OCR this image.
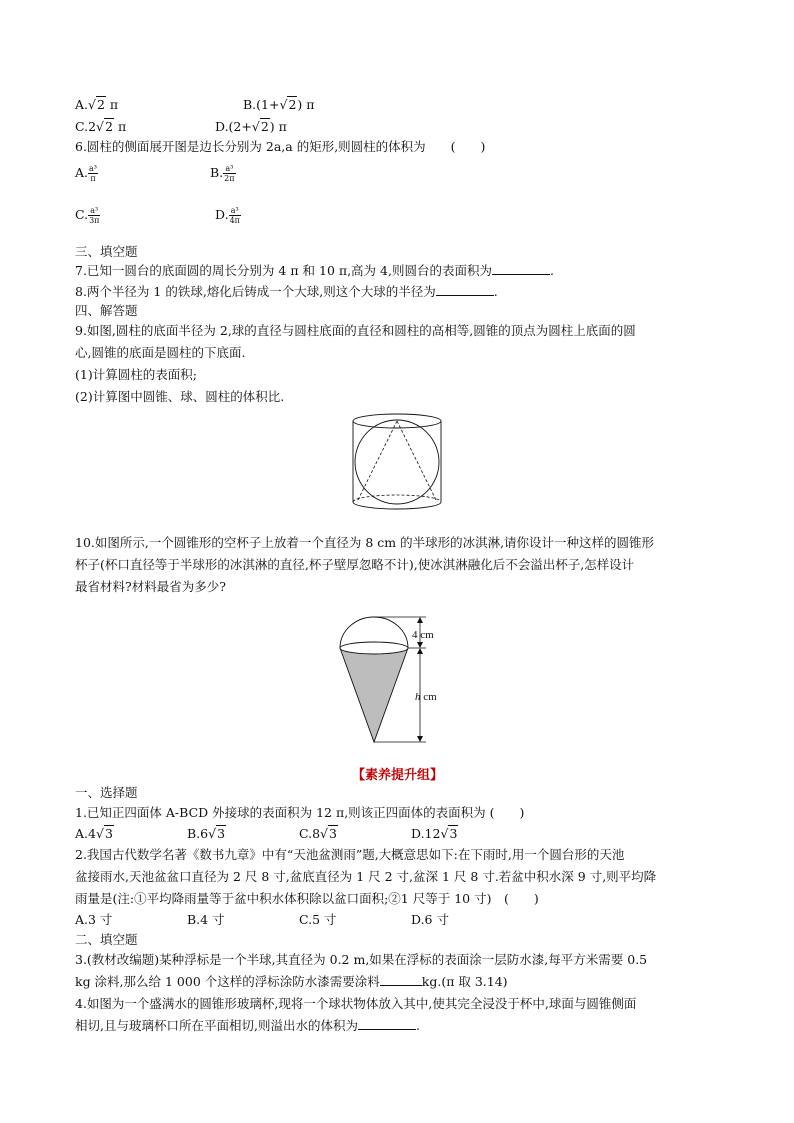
A.√2 π	B.(1+√2) π
C.2√2 π	D.(2+√2) π
6.圆柱的侧面展开图是边长分别为 2a,a 的矩形,则圆柱的体积为　　(　　)
A. $\frac{\text{a³}}{\pi}$	B. $\frac{\text{a³}}{2\pi}$
C. $\frac{\text{a³}}{3\pi}$	D. $\frac{\text{a³}}{4\pi}$
三、填空题
7.已知一圆台的底面圆的周长分别为 4 π 和 10 π,高为 4,则圆台的表面积为	.
8.两个半径为 1 的铁球,熔化后铸成一个大球,则这个大球的半径为	.
四、解答题
9.如图,圆柱的底面半径为 2,球的直径与圆柱底面的直径和圆柱的高相等,圆锥的顶点为圆柱上底面的圆
心,圆锥的底面是圆柱的下底面.
(1)计算圆柱的表面积;
(2)计算图中圆锥、球、圆柱的体积比.
10.如图所示,一个圆锥形的空杯子上放着一个直径为 8 cm 的半球形的冰淇淋,请你设计一种这样的圆锥形
杯子(杯口直径等于半球形的冰淇淋的直径,杯子壁厚忽略不计),使冰淇淋融化后不会溢出杯子,怎样设计
最省材料?材料最省为多少?
4 cm
h cm
【素养提升组】
一、选择题
1.已知正四面体 A-BCD 外接球的表面积为 12 π,则该正四面体的表面积为 (　　)
A.4√3	B.6√3	C.8√3	D.12√3
2.我国古代数学名著《数书九章》中有“天池盆测雨”题,大概意思如下:在下雨时,用一个圆台形的天池
盆接雨水,天池盆盆口直径为 2 尺 8 寸,盆底直径为 1 尺 2 寸,盆深 1 尺 8 寸.若盆中积水深 9 寸,则平均降
雨量是(注:①平均降雨量等于盆中积水体积除以盆口面积;②1 尺等于 10 寸)　(　　)
A.3 寸	B.4 寸	C.5 寸	D.6 寸
二、填空题
3.(教材改编题)某种浮标是一个半球,其直径为 0.2 m,如果在浮标的表面涂一层防水漆,每平方米需要 0.5
kg 涂料,那么给 1 000 个这样的浮标涂防水漆需要涂料	kg.(π 取 3.14)
4.如图为一个盛满水的圆锥形玻璃杯,现将一个球状物体放入其中,使其完全浸没于杯中,球面与圆锥侧面
相切,且与玻璃杯口所在平面相切,则溢出水的体积为	.
